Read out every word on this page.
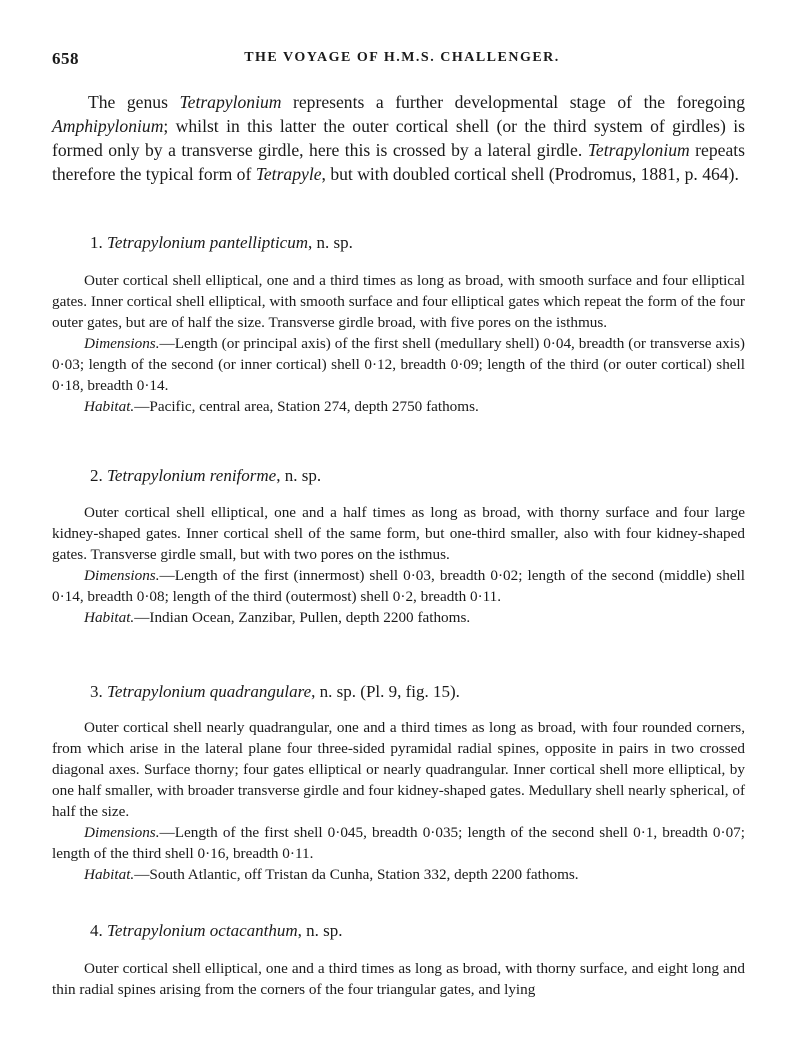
658	THE VOYAGE OF H.M.S. CHALLENGER.
The genus Tetrapylonium represents a further developmental stage of the foregoing Amphipylonium; whilst in this latter the outer cortical shell (or the third system of girdles) is formed only by a transverse girdle, here this is crossed by a lateral girdle. Tetrapylonium repeats therefore the typical form of Tetrapyle, but with doubled cortical shell (Prodromus, 1881, p. 464).
1. Tetrapylonium pantellipticum, n. sp.

Outer cortical shell elliptical, one and a third times as long as broad, with smooth surface and four elliptical gates. Inner cortical shell elliptical, with smooth surface and four elliptical gates which repeat the form of the four outer gates, but are of half the size. Transverse girdle broad, with five pores on the isthmus.

Dimensions.—Length (or principal axis) of the first shell (medullary shell) 0·04, breadth (or transverse axis) 0·03; length of the second (or inner cortical) shell 0·12, breadth 0·09; length of the third (or outer cortical) shell 0·18, breadth 0·14.

Habitat.—Pacific, central area, Station 274, depth 2750 fathoms.

2. Tetrapylonium reniforme, n. sp.

Outer cortical shell elliptical, one and a half times as long as broad, with thorny surface and four large kidney-shaped gates. Inner cortical shell of the same form, but one-third smaller, also with four kidney-shaped gates. Transverse girdle small, but with two pores on the isthmus.

Dimensions.—Length of the first (innermost) shell 0·03, breadth 0·02; length of the second (middle) shell 0·14, breadth 0·08; length of the third (outermost) shell 0·2, breadth 0·11.

Habitat.—Indian Ocean, Zanzibar, Pullen, depth 2200 fathoms.

3. Tetrapylonium quadrangulare, n. sp. (Pl. 9, fig. 15).

Outer cortical shell nearly quadrangular, one and a third times as long as broad, with four rounded corners, from which arise in the lateral plane four three-sided pyramidal radial spines, opposite in pairs in two crossed diagonal axes. Surface thorny; four gates elliptical or nearly quadrangular. Inner cortical shell more elliptical, by one half smaller, with broader transverse girdle and four kidney-shaped gates. Medullary shell nearly spherical, of half the size.

Dimensions.—Length of the first shell 0·045, breadth 0·035; length of the second shell 0·1, breadth 0·07; length of the third shell 0·16, breadth 0·11.

Habitat.—South Atlantic, off Tristan da Cunha, Station 332, depth 2200 fathoms.

4. Tetrapylonium octacanthum, n. sp.

Outer cortical shell elliptical, one and a third times as long as broad, with thorny surface, and eight long and thin radial spines arising from the corners of the four triangular gates, and lying
